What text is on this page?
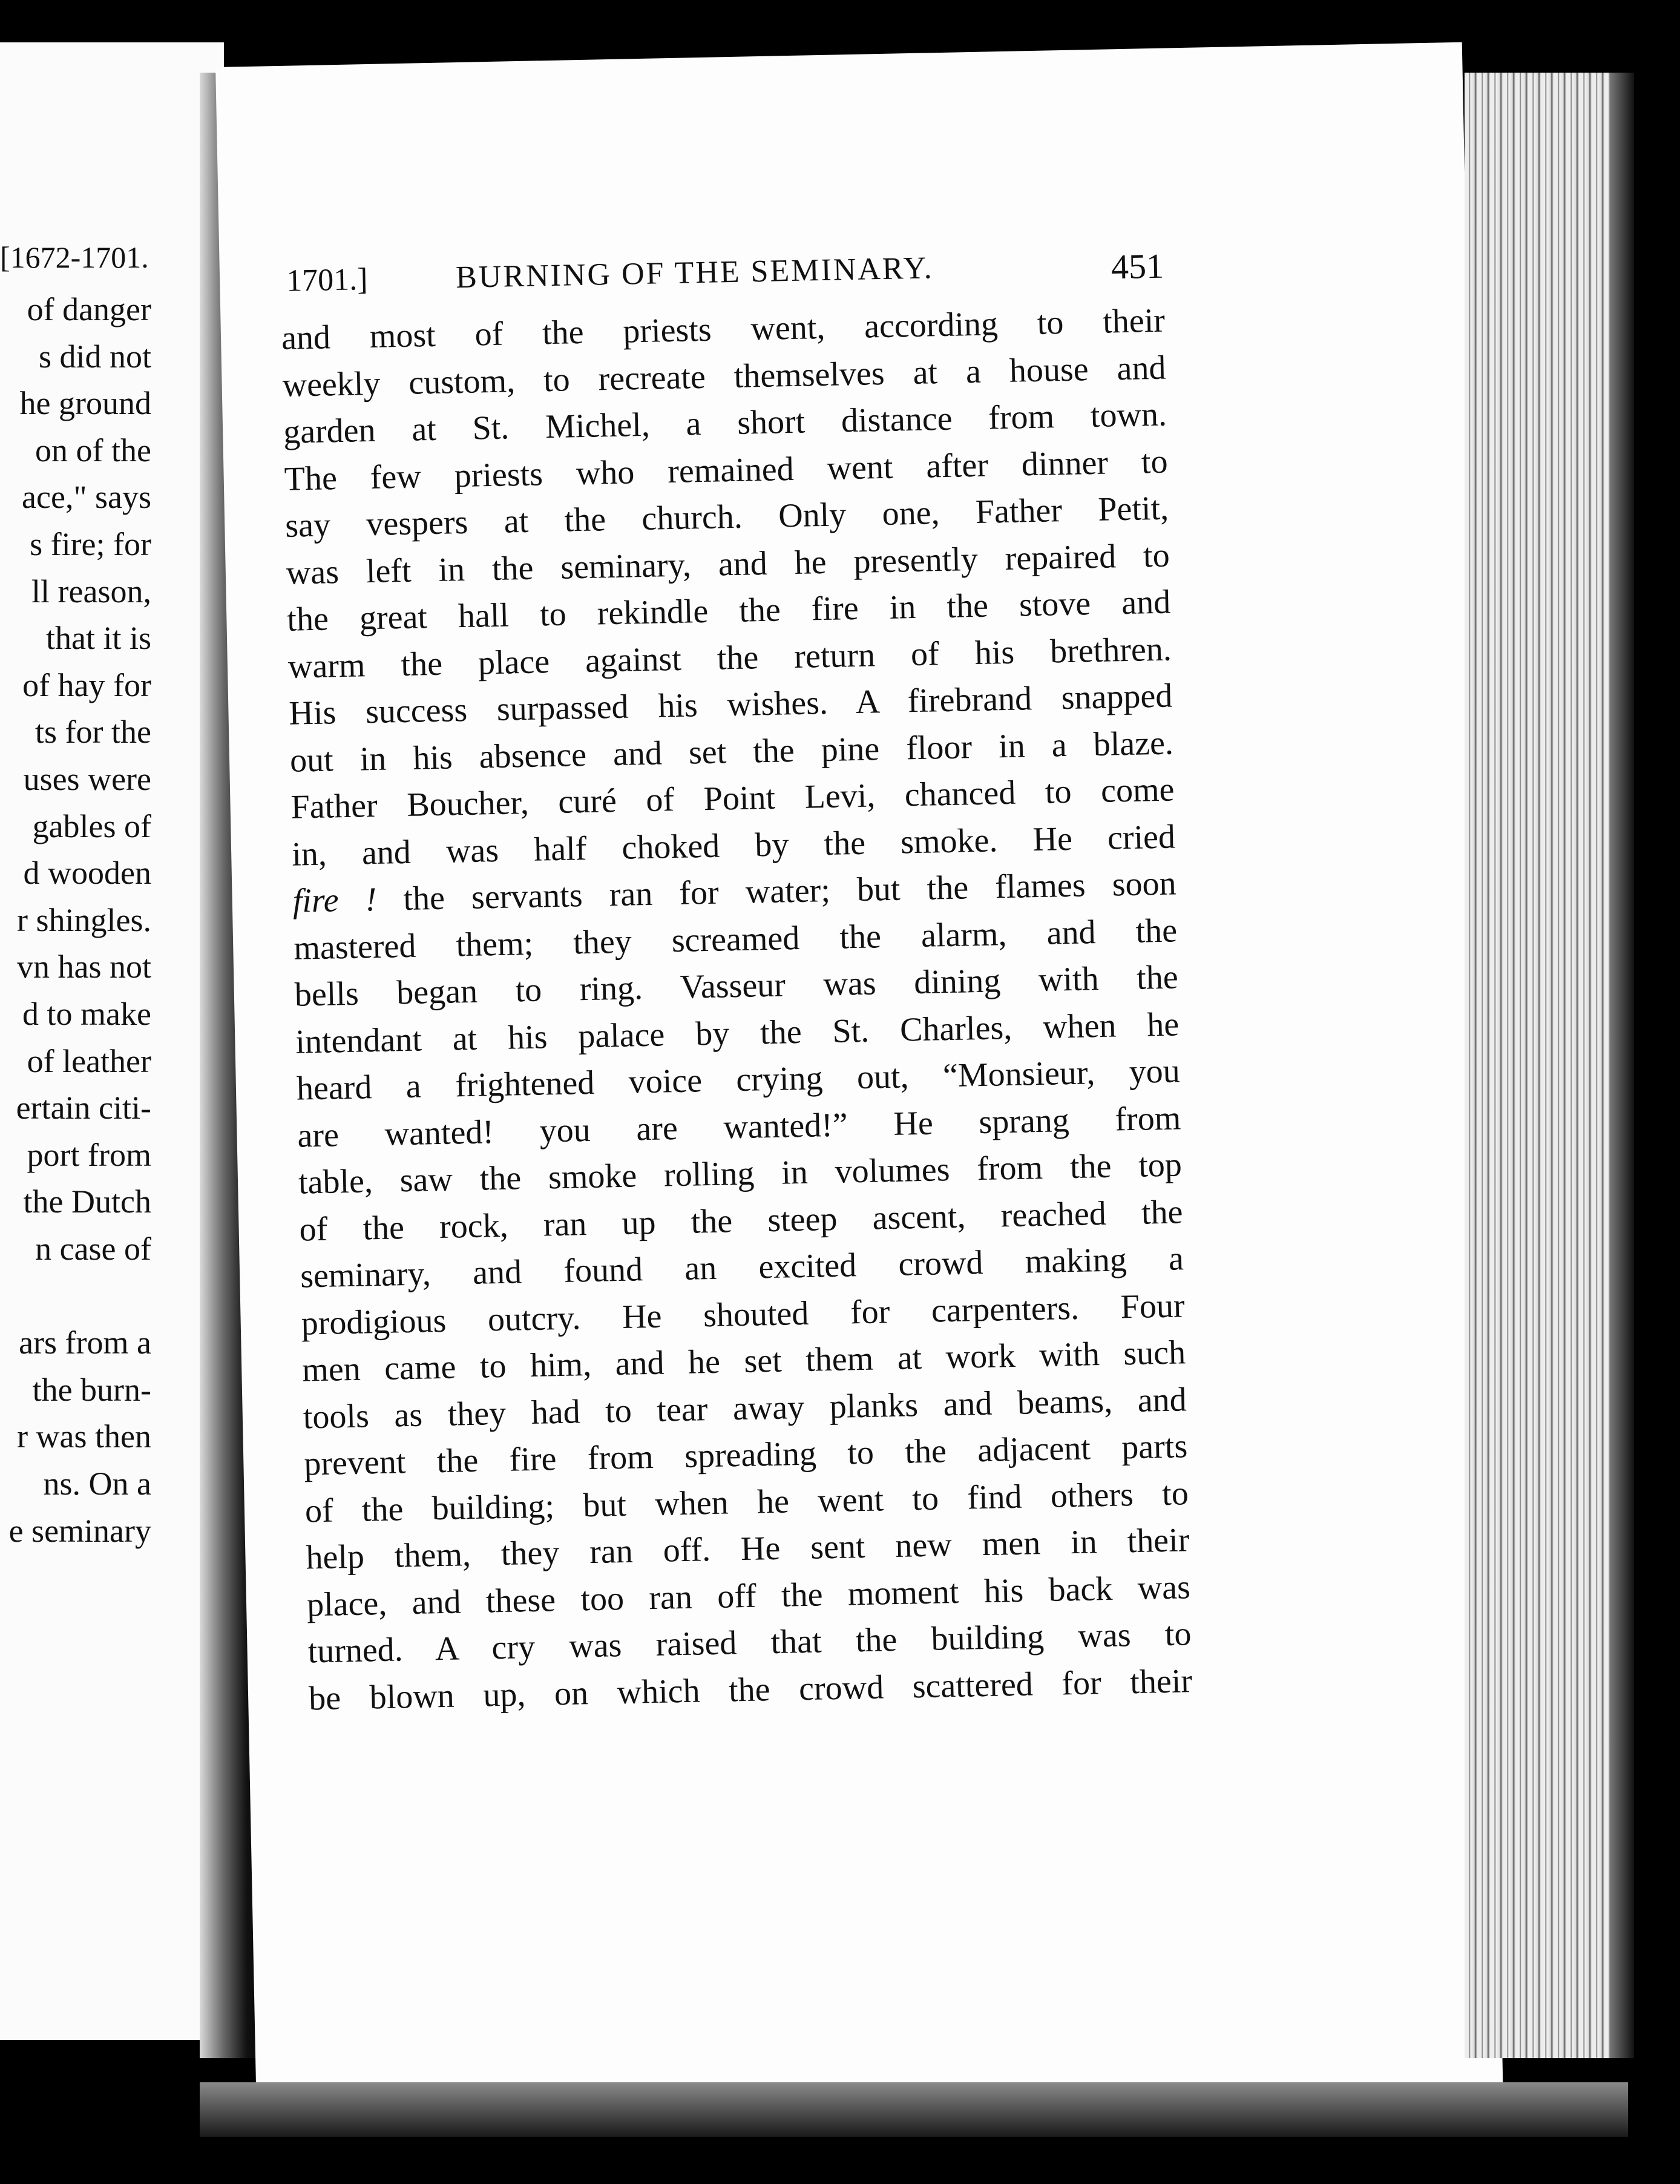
[1672-1701.
of danger
s did not
he ground
on of the
ace," says
s fire; for
ll reason,
that it is
of hay for
ts for the
uses were
gables of
d wooden
r shingles.
vn has not
d to make
of leather
ertain citi-
port from
the Dutch
n case of
ars from a
the burn-
r was then
ns. On a
e seminary
1701.]	BURNING OF THE SEMINARY.	451
and most of the priests went, according to their
weekly custom, to recreate themselves at a house and
garden at St. Michel, a short distance from town.
The few priests who remained went after dinner to
say vespers at the church. Only one, Father Petit,
was left in the seminary, and he presently repaired to
the great hall to rekindle the fire in the stove and
warm the place against the return of his brethren.
His success surpassed his wishes. A firebrand snapped
out in his absence and set the pine floor in a blaze.
Father Boucher, curé of Point Levi, chanced to come
in, and was half choked by the smoke. He cried
fire ! the servants ran for water; but the flames soon
mastered them; they screamed the alarm, and the
bells began to ring. Vasseur was dining with the
intendant at his palace by the St. Charles, when he
heard a frightened voice crying out, “Monsieur, you
are wanted! you are wanted!” He sprang from
table, saw the smoke rolling in volumes from the top
of the rock, ran up the steep ascent, reached the
seminary, and found an excited crowd making a
prodigious outcry. He shouted for carpenters. Four
men came to him, and he set them at work with such
tools as they had to tear away planks and beams, and
prevent the fire from spreading to the adjacent parts
of the building; but when he went to find others to
help them, they ran off. He sent new men in their
place, and these too ran off the moment his back was
turned. A cry was raised that the building was to
be blown up, on which the crowd scattered for their
